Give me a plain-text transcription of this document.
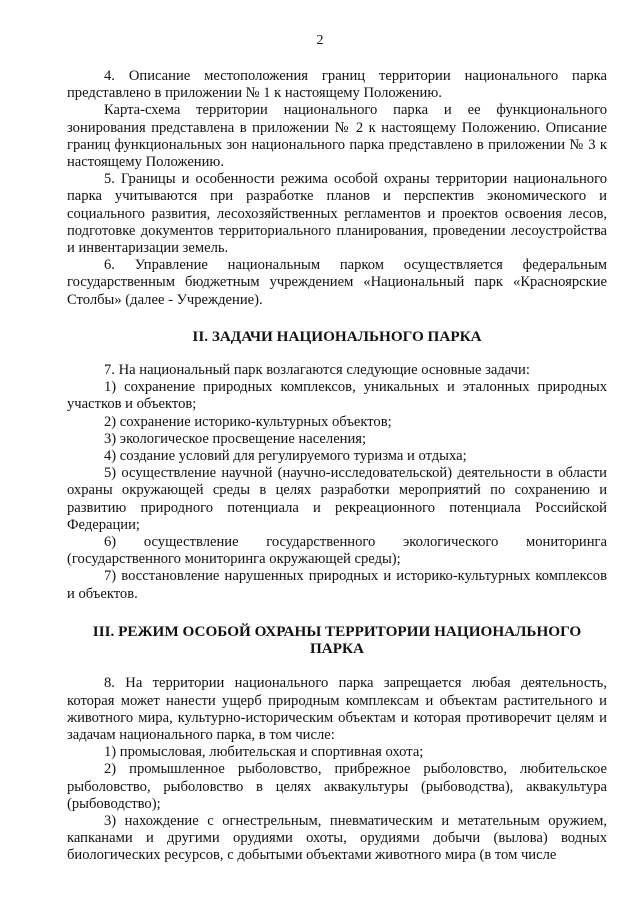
2

4. Описание местоположения границ территории национального парка представлено в приложении № 1 к настоящему Положению.

Карта-схема территории национального парка и ее функционального зонирования представлена в приложении № 2 к настоящему Положению. Описание границ функциональных зон национального парка представлено в приложении № 3 к настоящему Положению.

5. Границы и особенности режима особой охраны территории национального парка учитываются при разработке планов и перспектив экономического и социального развития, лесохозяйственных регламентов и проектов освоения лесов, подготовке документов территориального планирования, проведении лесоустройства и инвентаризации земель.

6. Управление национальным парком осуществляется федеральным государственным бюджетным учреждением «Национальный парк «Красноярские Столбы» (далее - Учреждение).

II. ЗАДАЧИ НАЦИОНАЛЬНОГО ПАРКА

7. На национальный парк возлагаются следующие основные задачи:

1) сохранение природных комплексов, уникальных и эталонных природных участков и объектов;

2) сохранение историко-культурных объектов;

3) экологическое просвещение населения;

4) создание условий для регулируемого туризма и отдыха;

5) осуществление научной (научно-исследовательской) деятельности в области охраны окружающей среды в целях разработки мероприятий по сохранению и развитию природного потенциала и рекреационного потенциала Российской Федерации;

6) осуществление государственного экологического мониторинга (государственного мониторинга окружающей среды);

7) восстановление нарушенных природных и историко-культурных комплексов и объектов.

III. РЕЖИМ ОСОБОЙ ОХРАНЫ ТЕРРИТОРИИ НАЦИОНАЛЬНОГО ПАРКА

8. На территории национального парка запрещается любая деятельность, которая может нанести ущерб природным комплексам и объектам растительного и животного мира, культурно-историческим объектам и которая противоречит целям и задачам национального парка, в том числе:

1) промысловая, любительская и спортивная охота;

2) промышленное рыболовство, прибрежное рыболовство, любительское рыболовство, рыболовство в целях аквакультуры (рыбоводства), аквакультура (рыбоводство);

3) нахождение с огнестрельным, пневматическим и метательным оружием, капканами и другими орудиями охоты, орудиями добычи (вылова) водных биологических ресурсов, с добытыми объектами животного мира (в том числе
